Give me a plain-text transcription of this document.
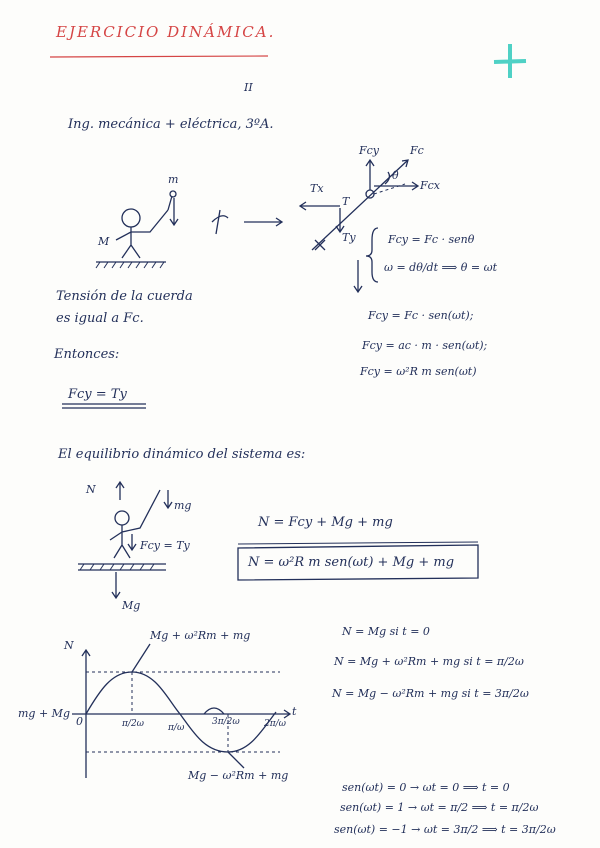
EJERCICIO DINÁMICA.
II
Ing. mecánica + eléctrica, 3ºA.
m
M
Fcy	Fc
Fcx
Tx
Ty
θ
T
Fcy = Fc · senθ
ω = dθ/dt ⟹ θ = ωt
Fcy = Fc · sen(ωt);
Fcy = ac · m · sen(ωt);
Fcy = ω²R m sen(ωt)
Tensión de la cuerda
es igual a Fc.
Entonces:
Fcy = Ty
El equilibrio dinámico del sistema es:
N
mg
Fcy = Ty
Mg
N = Fcy + Mg + mg
N = ω²R m sen(ωt) + Mg + mg
N
t
Mg + ω²Rm + mg
Mg − ω²Rm + mg
mg + Mg
0	π/2ω	π/ω
3π/2ω	2π/ω
N = Mg si t = 0
N = Mg + ω²Rm + mg si t = π/2ω
N = Mg − ω²Rm + mg si t = 3π/2ω
sen(ωt) = 0 → ωt = 0 ⟹ t = 0
sen(ωt) = 1 → ωt = π/2 ⟹ t = π/2ω
sen(ωt) = −1 → ωt = 3π/2 ⟹ t = 3π/2ω
